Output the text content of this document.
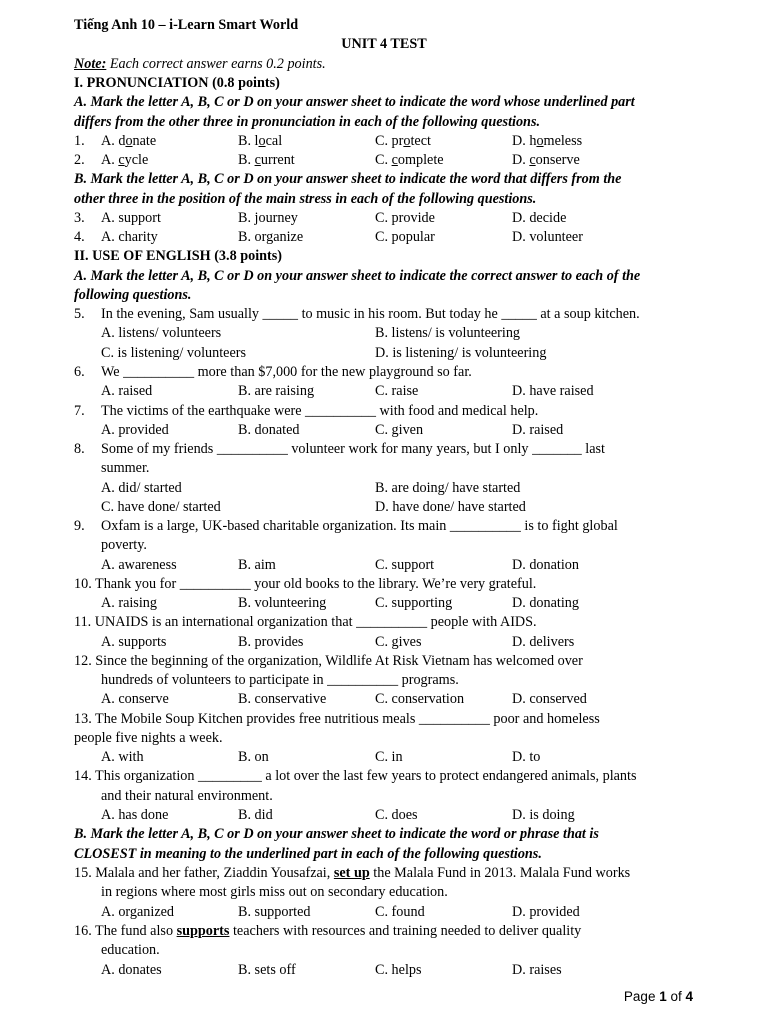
Tiếng Anh 10 – i-Learn Smart World
UNIT 4 TEST
Note: Each correct answer earns 0.2 points.
I. PRONUNCIATION (0.8 points)
A. Mark the letter A, B, C or D on your answer sheet to indicate the word whose underlined part
differs from the other three in pronunciation in each of the following questions.
1. A. donate	B. local	C. protect	D. homeless
2. A. cycle	B. current	C. complete	D. conserve
B. Mark the letter A, B, C or D on your answer sheet to indicate the word that differs from the
other three in the position of the main stress in each of the following questions.
3. A. support	B. journey	C. provide	D. decide
4. A. charity	B. organize	C. popular	D. volunteer
II. USE OF ENGLISH (3.8 points)
A. Mark the letter A, B, C or D on your answer sheet to indicate the correct answer to each of the
following questions.
5. In the evening, Sam usually _____ to music in his room. But today he _____ at a soup kitchen.
A. listens/ volunteers	B. listens/ is volunteering
C. is listening/ volunteers	D. is listening/ is volunteering
6. We __________ more than $7,000 for the new playground so far.
A. raised	B. are raising	C. raise	D. have raised
7. The victims of the earthquake were __________ with food and medical help.
A. provided	B. donated	C. given	D. raised
8. Some of my friends __________ volunteer work for many years, but I only _______ last
summer.
A. did/ started	B. are doing/ have started
C. have done/ started	D. have done/ have started
9. Oxfam is a large, UK-based charitable organization. Its main __________ is to fight global
poverty.
A. awareness	B. aim	C. support	D. donation
10. Thank you for __________ your old books to the library. We’re very grateful.
A. raising	B. volunteering	C. supporting	D. donating
11. UNAIDS is an international organization that __________ people with AIDS.
A. supports	B. provides	C. gives	D. delivers
12. Since the beginning of the organization, Wildlife At Risk Vietnam has welcomed over
hundreds of volunteers to participate in __________ programs.
A. conserve	B. conservative	C. conservation	D. conserved
13. The Mobile Soup Kitchen provides free nutritious meals __________ poor and homeless
people five nights a week.
A. with	B. on	C. in	D. to
14. This organization _________ a lot over the last few years to protect endangered animals, plants
and their natural environment.
A. has done	B. did	C. does	D. is doing
B. Mark the letter A, B, C or D on your answer sheet to indicate the word or phrase that is
CLOSEST in meaning to the underlined part in each of the following questions.
15. Malala and her father, Ziaddin Yousafzai, set up the Malala Fund in 2013. Malala Fund works
in regions where most girls miss out on secondary education.
A. organized	B. supported	C. found	D. provided
16. The fund also supports teachers with resources and training needed to deliver quality
education.
A. donates	B. sets off	C. helps	D. raises
Page 1 of 4
